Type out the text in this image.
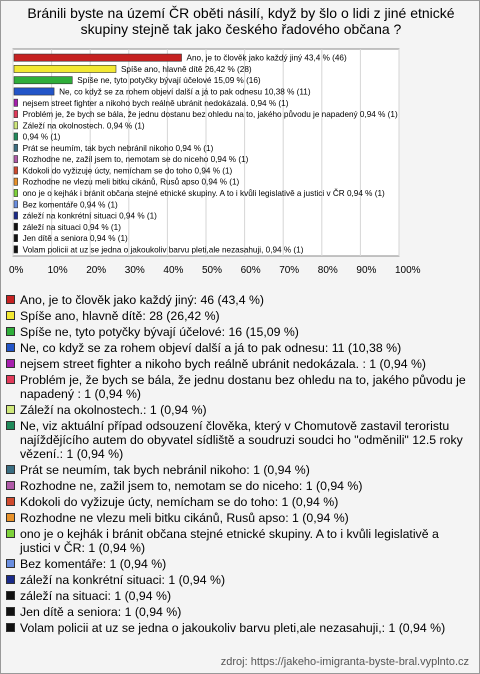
Bránili byste na území ČR oběti násilí, když by šlo o lidi z jiné etnické skupiny stejně tak jako českého řadového občana ?
0% 10% 20% 30% 40% 50% 60% 70% 80% 90% 100%
Ano, je to člověk jako každý jiný 43,4 % (46)
Spíše ano, hlavně dítě 26,42 % (28)
Spíše ne, tyto potyčky bývají účelové 15,09 % (16)
Ne, co když se za rohem objeví další a já to pak odnesu 10,38 % (11)
nejsem street fighter a nikoho bych reálně ubránit nedokázala. 0,94 % (1)
Problém je, že bych se bála, že jednu dostanu bez ohledu na to, jakého původu je napadený 0,94 % (1)
Záleží na okolnostech. 0,94 % (1)
0,94 % (1)
Prát se neumím, tak bych nebránil nikoho 0,94 % (1)
Rozhodne ne, zažil jsem to, nemotam se do niceho 0,94 % (1)
Kdokoli do vyžizuje úcty, nemícham se do toho 0,94 % (1)
Rozhodne ne vlezu meli bitku cikánů, Rusů apso 0,94 % (1)
ono je o kejhák i bránit občana stejné etnické skupiny. A to i kvůli legislativě a justici v ČR 0,94 % (1)
Bez komentáře 0,94 % (1)
záleží na konkrétní situaci 0,94 % (1)
záleží na situaci 0,94 % (1)
Jen dítě a seniora 0,94 % (1)
Volam policii at uz se jedna o jakoukoliv barvu pleti,ale nezasahuji, 0,94 % (1)
Ano, je to člověk jako každý jiný: 46 (43,4 %)
Spíše ano, hlavně dítě: 28 (26,42 %)
Spíše ne, tyto potyčky bývají účelové: 16 (15,09 %)
Ne, co když se za rohem objeví další a já to pak odnesu: 11 (10,38 %)
nejsem street fighter a nikoho bych reálně ubránit nedokázala. : 1 (0,94 %)
Problém je, že bych se bála, že jednu dostanu bez ohledu na to, jakého původu je napadený : 1 (0,94 %)
Záleží na okolnostech.: 1 (0,94 %)
Ne, viz aktuální případ odsouzení člověka, který v Chomutově zastavil teroristu najíždějícího autem do obyvatel sídliště a soudruzi soudci ho "odměnili" 12.5 roky vězení.: 1 (0,94 %)
Prát se neumím, tak bych nebránil nikoho: 1 (0,94 %)
Rozhodne ne, zažil jsem to, nemotam se do niceho: 1 (0,94 %)
Kdokoli do vyžizuje úcty, nemícham se do toho: 1 (0,94 %)
Rozhodne ne vlezu meli bitku cikánů, Rusů apso: 1 (0,94 %)
ono je o kejhák i bránit občana stejné etnické skupiny. A to i kvůli legislativě a justici v ČR: 1 (0,94 %)
Bez komentáře: 1 (0,94 %)
záleží na konkrétní situaci: 1 (0,94 %)
záleží na situaci: 1 (0,94 %)
Jen dítě a seniora: 1 (0,94 %)
Volam policii at uz se jedna o jakoukoliv barvu pleti,ale nezasahuji,: 1 (0,94 %)
zdroj: https://jakeho-imigranta-byste-bral.vyplnto.cz
